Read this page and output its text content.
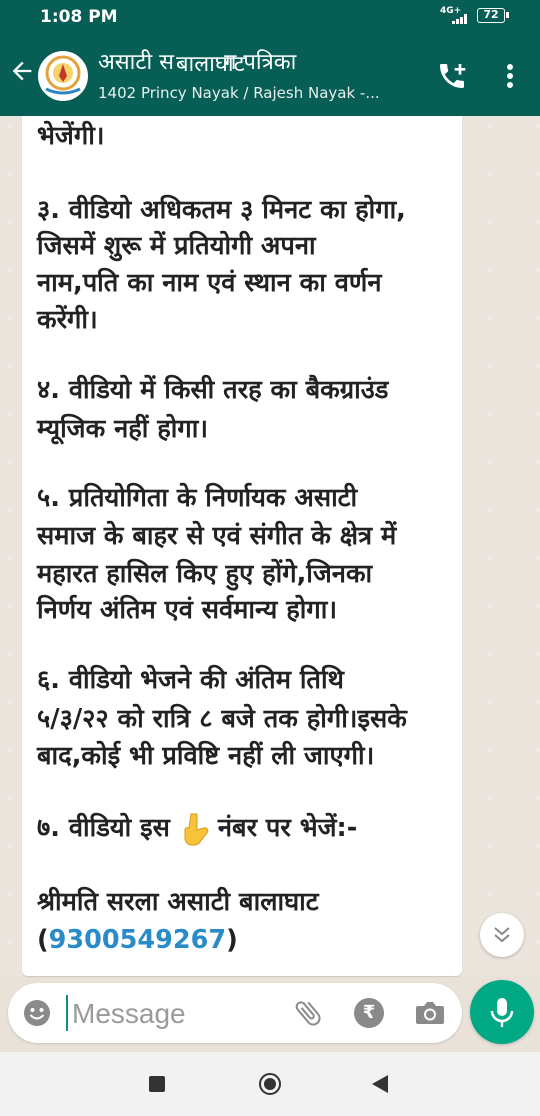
1:08 PM	4G+	72
असाटी स ग पत्रिका
बालाघाट
1402 Princy Nayak / Rajesh Nayak -...
भेजेंगी।
३. वीडियो अधिकतम ३ मिनट का होगा,
जिसमें शुरू में प्रतियोगी अपना
नाम,पति का नाम एवं स्थान का वर्णन
करेंगी।
४. वीडियो में किसी तरह का बैकग्राउंड
म्यूजिक नहीं होगा।
५. प्रतियोगिता के निर्णायक असाटी
समाज के बाहर से एवं संगीत के क्षेत्र में
महारत हासिल किए हुए होंगे,जिनका
निर्णय अंतिम एवं सर्वमान्य होगा।
६. वीडियो भेजने की अंतिम तिथि
५/३/२२ को रात्रि ८ बजे तक होगी।इसके
बाद,कोई भी प्रविष्टि नहीं ली जाएगी।
७. वीडियो इस नंबर पर भेजें:-
श्रीमति सरला असाटी बालाघाट
(9300549267)
Message
₹
